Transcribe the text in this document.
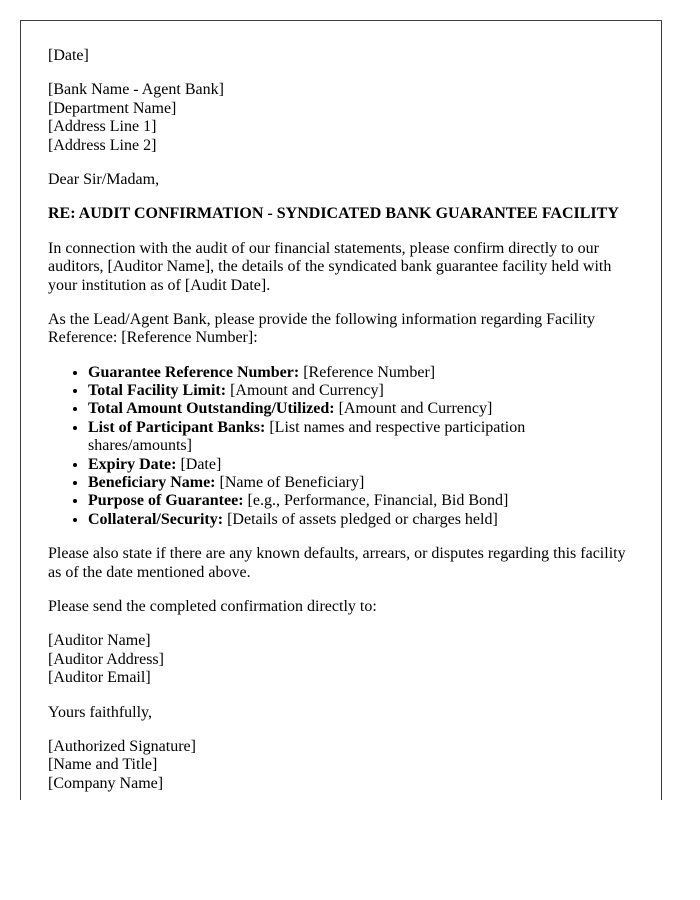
[Date]

[Bank Name - Agent Bank]
[Department Name]
[Address Line 1]
[Address Line 2]

Dear Sir/Madam,

RE: AUDIT CONFIRMATION - SYNDICATED BANK GUARANTEE FACILITY

In connection with the audit of our financial statements, please confirm directly to our auditors, [Auditor Name], the details of the syndicated bank guarantee facility held with your institution as of [Audit Date].

As the Lead/Agent Bank, please provide the following information regarding Facility Reference: [Reference Number]:

• Guarantee Reference Number: [Reference Number]
• Total Facility Limit: [Amount and Currency]
• Total Amount Outstanding/Utilized: [Amount and Currency]
• List of Participant Banks: [List names and respective participation shares/amounts]
• Expiry Date: [Date]
• Beneficiary Name: [Name of Beneficiary]
• Purpose of Guarantee: [e.g., Performance, Financial, Bid Bond]
• Collateral/Security: [Details of assets pledged or charges held]

Please also state if there are any known defaults, arrears, or disputes regarding this facility as of the date mentioned above.

Please send the completed confirmation directly to:

[Auditor Name]
[Auditor Address]
[Auditor Email]

Yours faithfully,

[Authorized Signature]
[Name and Title]
[Company Name]
